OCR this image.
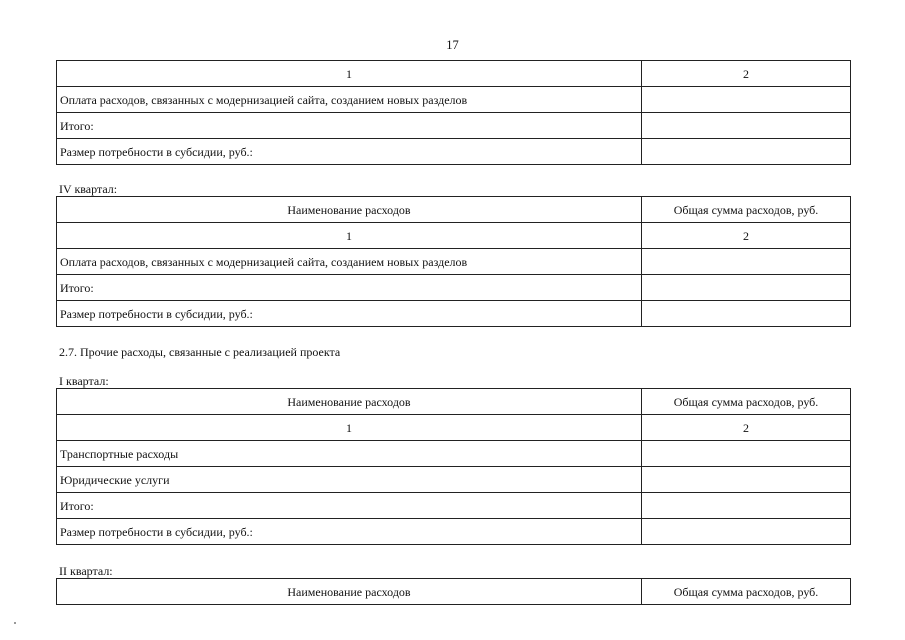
17
1	2
Оплата расходов, связанных с модернизацией сайта, созданием новых разделов	
Итого:	
Размер потребности в субсидии, руб.:	
IV квартал:
Наименование расходов	Общая сумма расходов, руб.
1	2
Оплата расходов, связанных с модернизацией сайта, созданием новых разделов	
Итого:	
Размер потребности в субсидии, руб.:	
2.7. Прочие расходы, связанные с реализацией проекта
I квартал:
Наименование расходов	Общая сумма расходов, руб.
1	2
Транспортные расходы	
Юридические услуги	
Итого:	
Размер потребности в субсидии, руб.:	
II квартал:
Наименование расходов	Общая сумма расходов, руб.
